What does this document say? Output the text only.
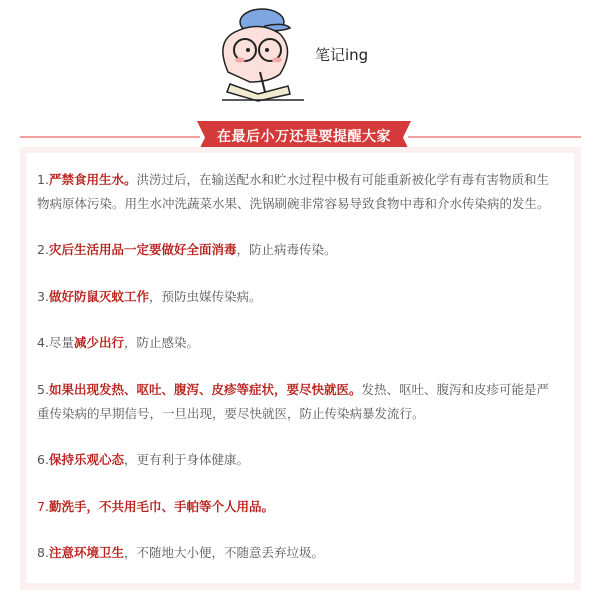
笔记ing
在最后小万还是要提醒大家
1.严禁食用生水。洪涝过后，在输送配水和贮水过程中极有可能重新被化学有毒有害物质和生物病原体污染。用生水冲洗蔬菜水果、洗锅刷碗非常容易导致食物中毒和介水传染病的发生。
2.灾后生活用品一定要做好全面消毒，防止病毒传染。
3.做好防鼠灭蚊工作，预防虫媒传染病。
4.尽量减少出行，防止感染。
5.如果出现发热、呕吐、腹泻、皮疹等症状，要尽快就医。发热、呕吐、腹泻和皮疹可能是严重传染病的早期信号，一旦出现，要尽快就医，防止传染病暴发流行。
6.保持乐观心态，更有利于身体健康。
7.勤洗手，不共用毛巾、手帕等个人用品。
8.注意环境卫生，不随地大小便，不随意丢弃垃圾。
